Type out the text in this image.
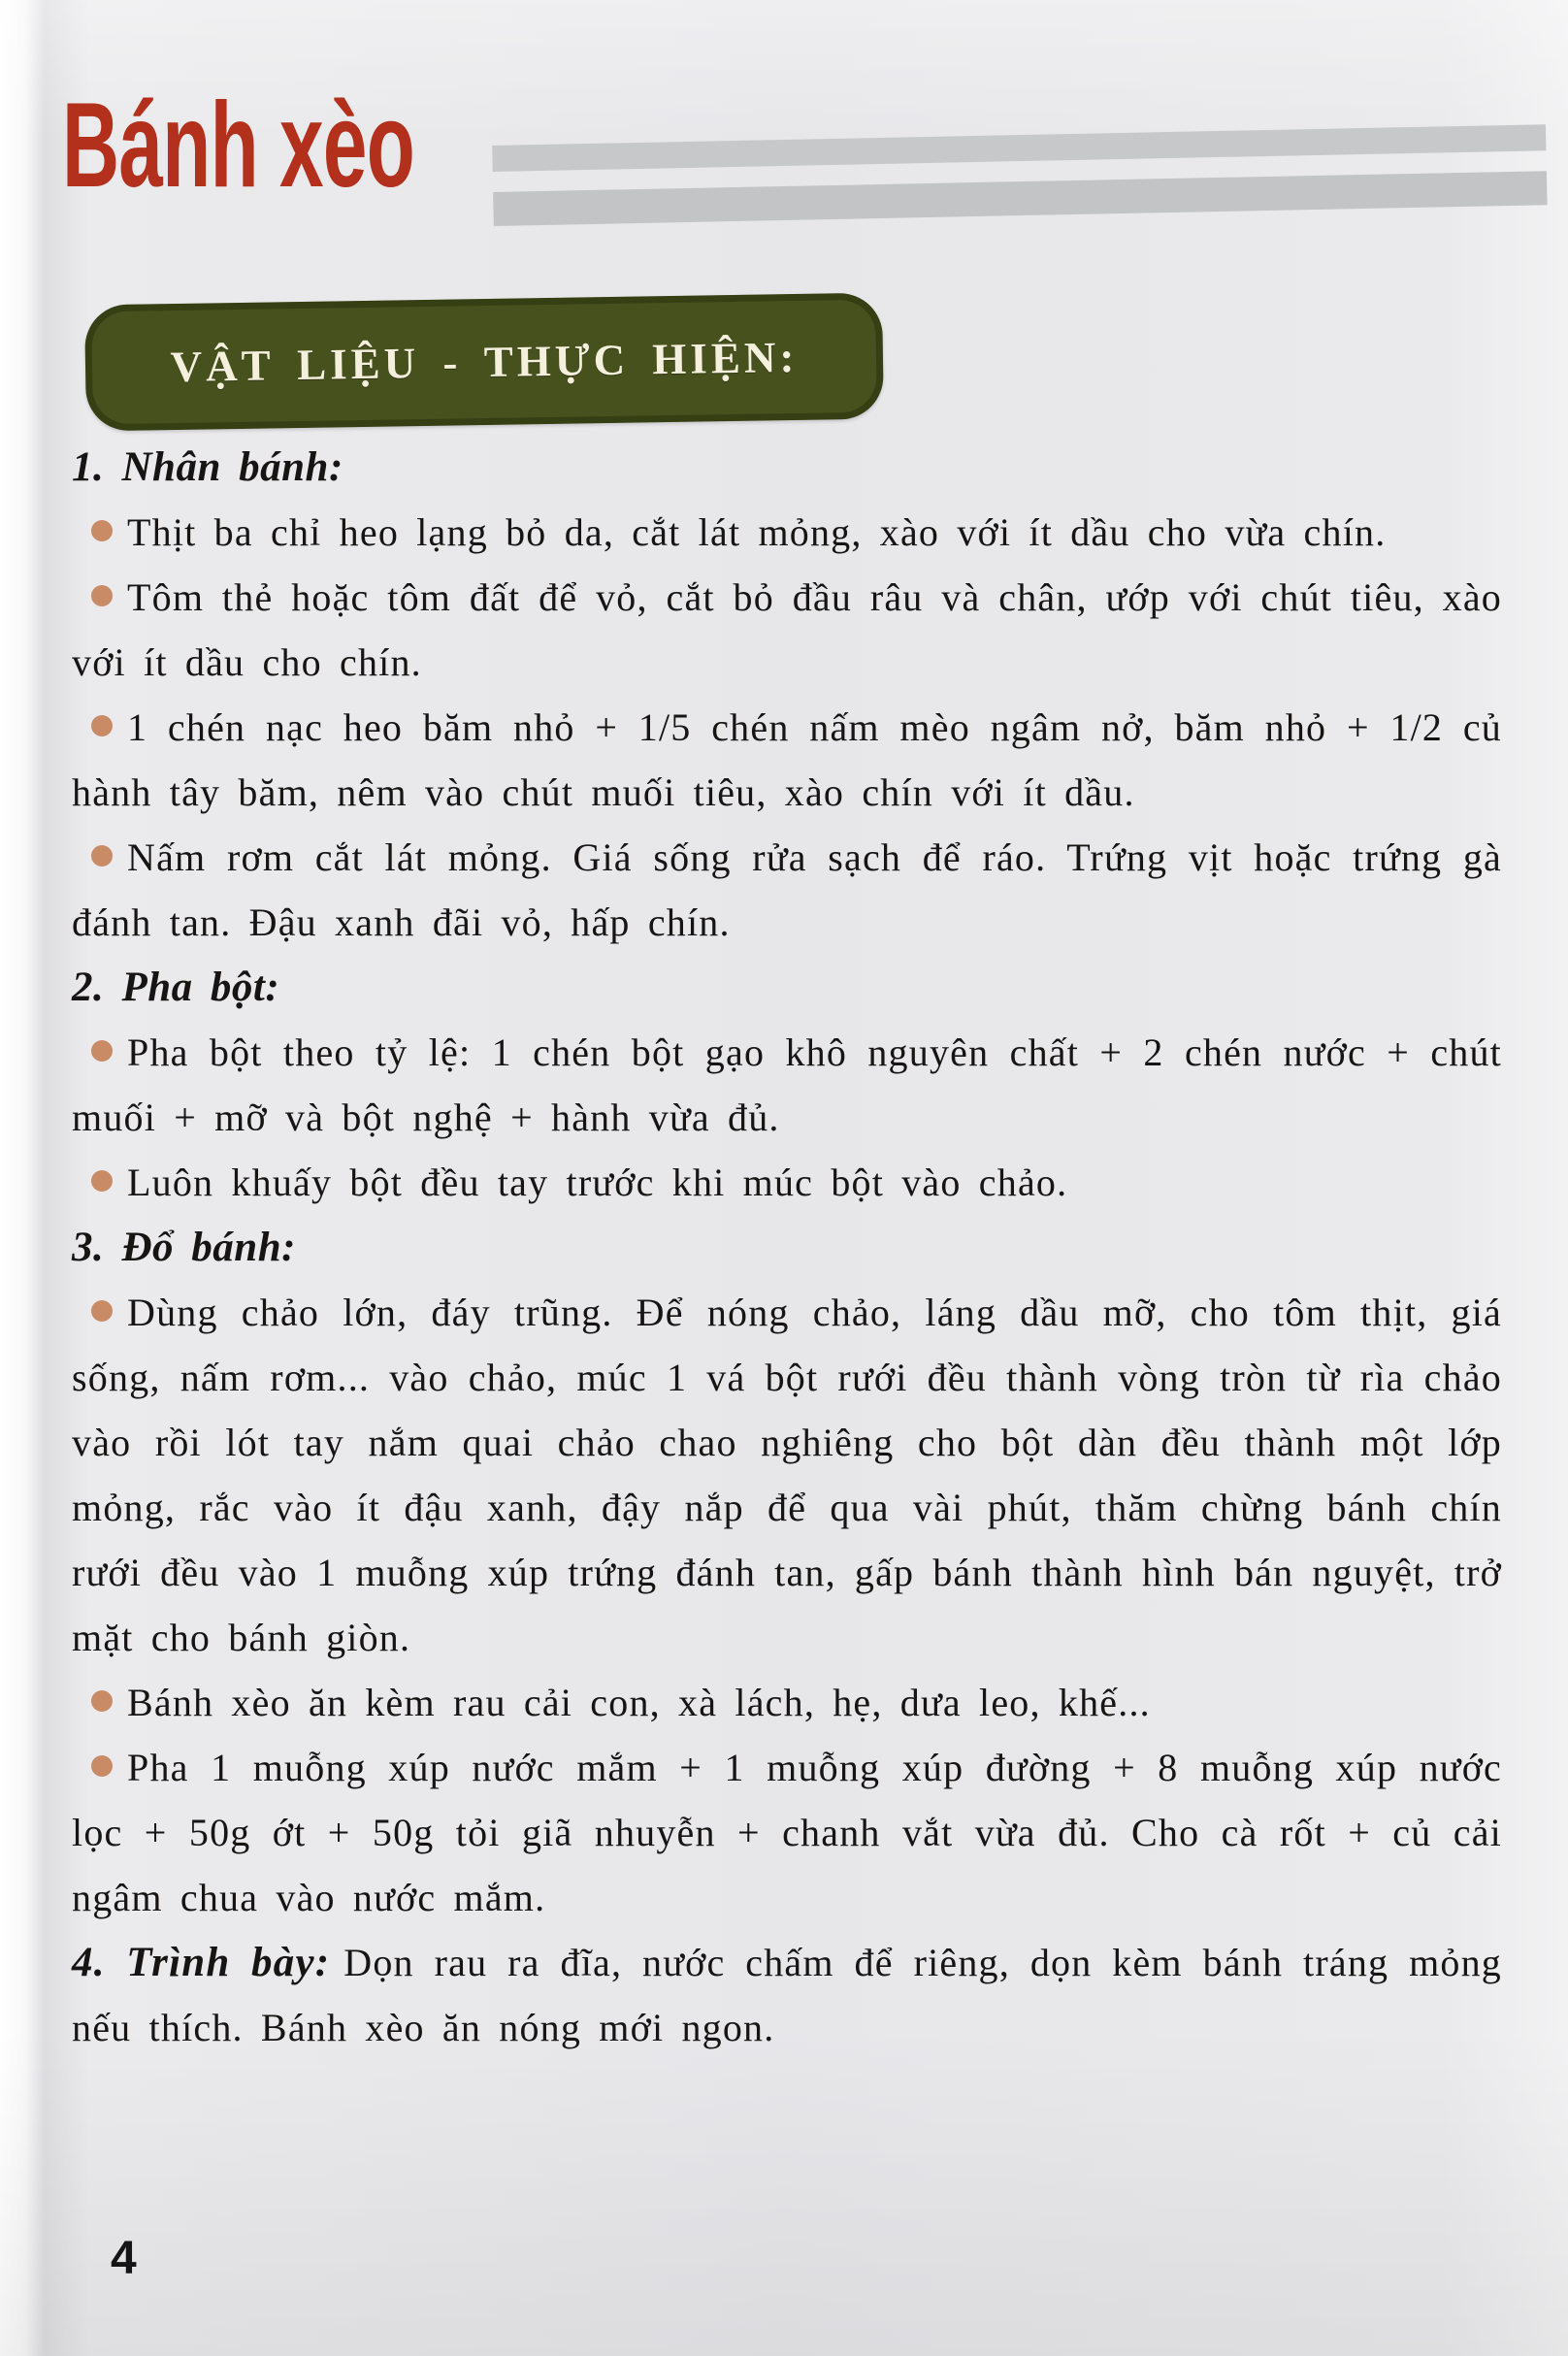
Bánh xèo
VẬT LIỆU - THỰC HIỆN:

1. Nhân bánh:

Thịt ba chỉ heo lạng bỏ da, cắt lát mỏng, xào với ít dầu cho vừa chín.

Tôm thẻ hoặc tôm đất để vỏ, cắt bỏ đầu râu và chân, ướp với chút tiêu, xào với ít dầu cho chín.

1 chén nạc heo băm nhỏ + 1/5 chén nấm mèo ngâm nở, băm nhỏ + 1/2 củ hành tây băm, nêm vào chút muối tiêu, xào chín với ít dầu.

Nấm rơm cắt lát mỏng. Giá sống rửa sạch để ráo. Trứng vịt hoặc trứng gà đánh tan. Đậu xanh đãi vỏ, hấp chín.

2. Pha bột:

Pha bột theo tỷ lệ: 1 chén bột gạo khô nguyên chất + 2 chén nước + chút muối + mỡ và bột nghệ + hành vừa đủ.

Luôn khuấy bột đều tay trước khi múc bột vào chảo.

3. Đổ bánh:

Dùng chảo lớn, đáy trũng. Để nóng chảo, láng dầu mỡ, cho tôm thịt, giá sống, nấm rơm... vào chảo, múc 1 vá bột rưới đều thành vòng tròn từ rìa chảo vào rồi lót tay nắm quai chảo chao nghiêng cho bột dàn đều thành một lớp mỏng, rắc vào ít đậu xanh, đậy nắp để qua vài phút, thăm chừng bánh chín rưới đều vào 1 muỗng xúp trứng đánh tan, gấp bánh thành hình bán nguyệt, trở mặt cho bánh giòn.

Bánh xèo ăn kèm rau cải con, xà lách, hẹ, dưa leo, khế...

Pha 1 muỗng xúp nước mắm + 1 muỗng xúp đường + 8 muỗng xúp nước lọc + 50g ớt + 50g tỏi giã nhuyễn + chanh vắt vừa đủ. Cho cà rốt + củ cải ngâm chua vào nước mắm.

4. Trình bày: Dọn rau ra đĩa, nước chấm để riêng, dọn kèm bánh tráng mỏng nếu thích. Bánh xèo ăn nóng mới ngon.

4
